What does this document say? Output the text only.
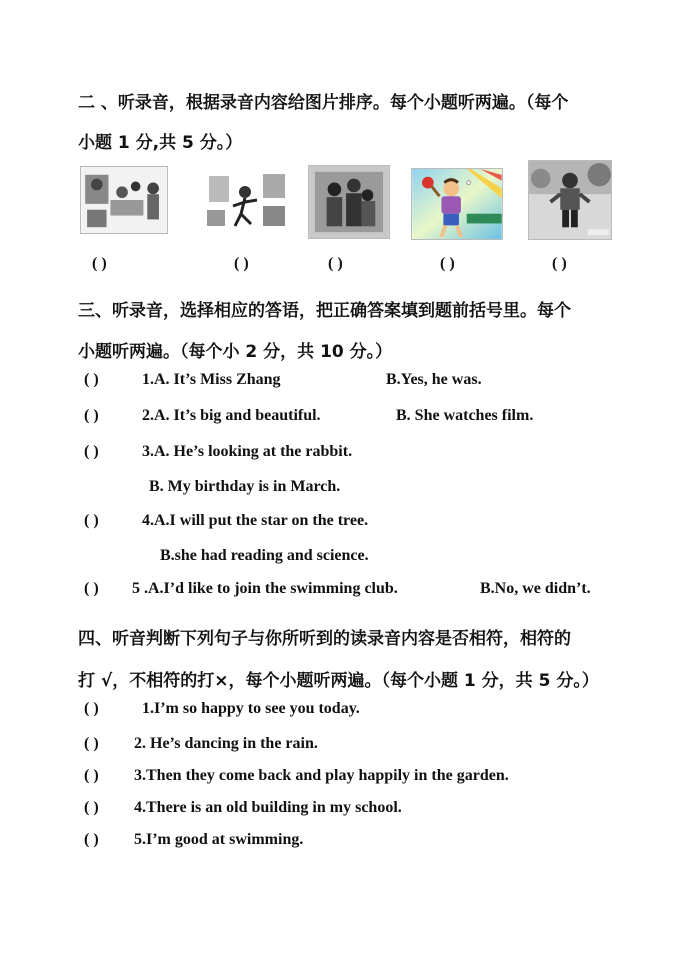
二 、听录音，根据录音内容给图片排序。每个小题听两遍。（每个
小题 1 分,共 5 分。）
( )	( )	( )	( )	( )
三、听录音，选择相应的答语，把正确答案填到题前括号里。每个
小题听两遍。（每个小 2 分，共 10 分。）
( )	1.A. It’s Miss Zhang	B.Yes, he was.
( )	2.A. It’s big and beautiful.	B. She watches film.
( )	3.A. He’s looking at the rabbit.
B. My birthday is in March.
( )	4.A.I will put the star on the tree.
B.she had reading and science.
( ) 5 .A.I’d like to join the swimming club.	B.No, we didn’t.
四、听音判断下列句子与你所听到的读录音内容是否相符，相符的
打 √，不相符的打×，每个小题听两遍。（每个小题 1 分，共 5 分。）
( )	1.I’m so happy to see you today.
( ) 2. He’s dancing in the rain.
( ) 3.Then they come back and play happily in the garden.
( ) 4.There is an old building in my school.
( ) 5.I’m good at swimming.
